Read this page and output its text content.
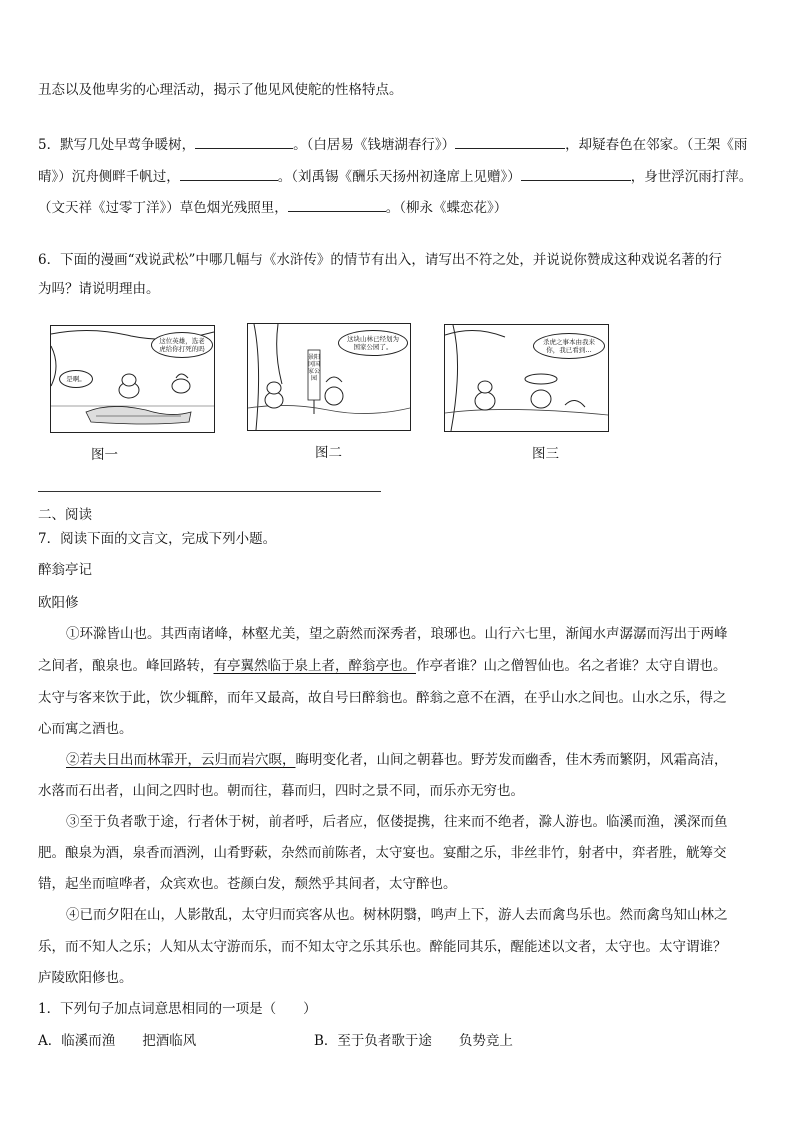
丑态以及他卑劣的心理活动，揭示了他见风使舵的性格特点。
5．默写几处早莺争暖树，	。（白居易《钱塘湖春行》）	，却疑春色在邻家。（王架《雨
晴》）沉舟侧畔千帆过，	。（刘禹锡《酬乐天扬州初逢席上见赠》）	，身世浮沉雨打萍。
（文天祥《过零丁洋》）草色烟光残照里，	。（柳永《蝶恋花》）
6．下面的漫画“戏说武松”中哪几幅与《水浒传》的情节有出入，请写出不符之处，并说说你赞成这种戏说名著的行
为吗？请说明理由。
这位英雄，选老虎给你打死的吗
是啊。
景阳冈国家公园
这块山林已经划为国家公园了。
杀虎之事本由我来你，我已看到…
图一	图二	图三
二、阅读
7．阅读下面的文言文，完成下列小题。
醉翁亭记
欧阳修
①环滁皆山也。其西南诸峰，林壑尤美，望之蔚然而深秀者，琅琊也。山行六七里，渐闻水声潺潺而泻出于两峰
之间者，酿泉也。峰回路转，有亭翼然临于泉上者，醉翁亭也。作亭者谁？山之僧智仙也。名之者谁？太守自谓也。
太守与客来饮于此，饮少辄醉，而年又最高，故自号曰醉翁也。醉翁之意不在酒，在乎山水之间也。山水之乐，得之
心而寓之酒也。
②若夫日出而林霏开，云归而岩穴暝，晦明变化者，山间之朝暮也。野芳发而幽香，佳木秀而繁阴，风霜高洁，
水落而石出者，山间之四时也。朝而往，暮而归，四时之景不同，而乐亦无穷也。
③至于负者歌于途，行者休于树，前者呼，后者应，伛偻提携，往来而不绝者，滁人游也。临溪而渔，溪深而鱼
肥。酿泉为酒，泉香而酒洌，山肴野蔌，杂然而前陈者，太守宴也。宴酣之乐，非丝非竹，射者中，弈者胜，觥筹交
错，起坐而喧哗者，众宾欢也。苍颜白发，颓然乎其间者，太守醉也。
④已而夕阳在山，人影散乱，太守归而宾客从也。树林阴翳，鸣声上下，游人去而禽鸟乐也。然而禽鸟知山林之
乐，而不知人之乐；人知从太守游而乐，而不知太守之乐其乐也。醉能同其乐，醒能述以文者，太守也。太守谓谁？
庐陵欧阳修也。
1．下列句子加点词意思相同的一项是（　　）
A．临溪而渔　　把酒临风	B．至于负者歌于途　　负势竞上
